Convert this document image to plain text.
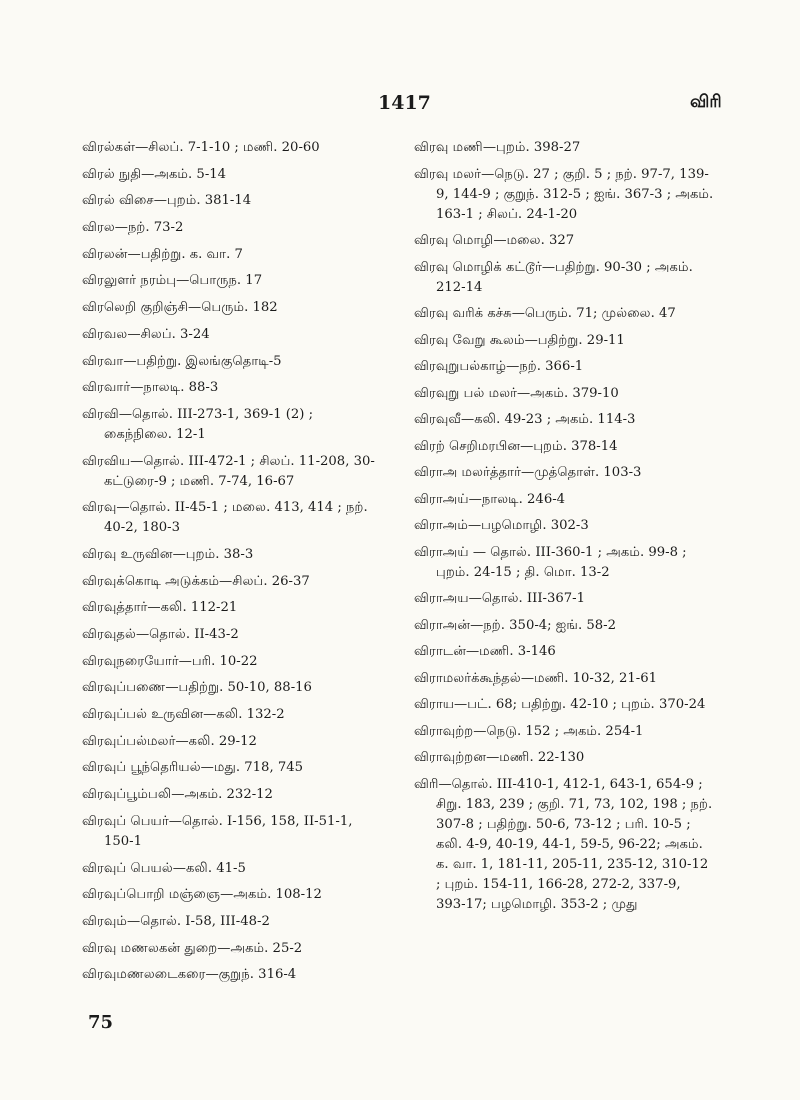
1417	விரி
விரல்கள்—சிலப். 7-1-10 ; மணி. 20-60
விரல் நுதி—அகம். 5-14
விரல் விசை—புறம். 381-14
விரல—நற். 73-2
விரலன்—பதிற்று. க. வா. 7
விரலுளர் நரம்பு—பொருந. 17
விரலெறி குறிஞ்சி—பெரும். 182
விரவல—சிலப். 3-24
விரவா—பதிற்று. இலங்குதொடி-5
விரவார்—நாலடி. 88-3
விரவி—தொல். III-273-1, 369-1 (2) ; கைந்நிலை. 12-1
விரவிய—தொல். III-472-1 ; சிலப். 11-208, 30-கட்டுரை-9 ; மணி. 7-74, 16-67
விரவு—தொல். II-45-1 ; மலை. 413, 414 ; நற். 40-2, 180-3
விரவு உருவின—புறம். 38-3
விரவுக்கொடி அடுக்கம்—சிலப். 26-37
விரவுத்தார்—கலி. 112-21
விரவுதல்—தொல். II-43-2
விரவுநரையோர்—பரி. 10-22
விரவுப்பணை—பதிற்று. 50-10, 88-16
விரவுப்பல் உருவின—கலி. 132-2
விரவுப்பல்மலர்—கலி. 29-12
விரவுப் பூந்தெரியல்—மது. 718, 745
விரவுப்பூம்பலி—அகம். 232-12
விரவுப் பெயர்—தொல். I-156, 158, II-51-1, 150-1
விரவுப் பெயல்—கலி. 41-5
விரவுப்பொறி மஞ்ஞை—அகம். 108-12
விரவும்—தொல். I-58, III-48-2
விரவு மணலகன் துறை—அகம். 25-2
விரவுமணலடைகரை—குறுந். 316-4
விரவு மணி—புறம். 398-27
விரவு மலர்—நெடு. 27 ; குறி. 5 ; நற். 97-7, 139-9, 144-9 ; குறுந். 312-5 ; ஐங். 367-3 ; அகம். 163-1 ; சிலப். 24-1-20
விரவு மொழி—மலை. 327
விரவு மொழிக் கட்டூர்—பதிற்று. 90-30 ; அகம். 212-14
விரவு வரிக் கச்சு—பெரும். 71; முல்லை. 47
விரவு வேறு கூலம்—பதிற்று. 29-11
விரவுறுபல்காழ்—நற். 366-1
விரவுறு பல் மலர்—அகம். 379-10
விரவுவீ—கலி. 49-23 ; அகம். 114-3
விரற் செறிமரபின—புறம். 378-14
விராஅ மலர்த்தார்—முத்தொள். 103-3
விராஅய்—நாலடி. 246-4
விராஅம்—பழமொழி. 302-3
விராஅய் — தொல். III-360-1 ; அகம். 99-8 ; புறம். 24-15 ; தி. மொ. 13-2
விராஅய—தொல். III-367-1
விராஅன்—நற். 350-4; ஐங். 58-2
விராடன்—மணி. 3-146
விராமலர்க்கூந்தல்—மணி. 10-32, 21-61
விராய—பட். 68; பதிற்று. 42-10 ; புறம். 370-24
விராவுற்ற—நெடு. 152 ; அகம். 254-1
விராவுற்றன—மணி. 22-130
விரி—தொல். III-410-1, 412-1, 643-1, 654-9 ; சிறு. 183, 239 ; குறி. 71, 73, 102, 198 ; நற். 307-8 ; பதிற்று. 50-6, 73-12 ; பரி. 10-5 ; கலி. 4-9, 40-19, 44-1, 59-5, 96-22; அகம். க. வா. 1, 181-11, 205-11, 235-12, 310-12 ; புறம். 154-11, 166-28, 272-2, 337-9, 393-17; பழமொழி. 353-2 ; முது
75
